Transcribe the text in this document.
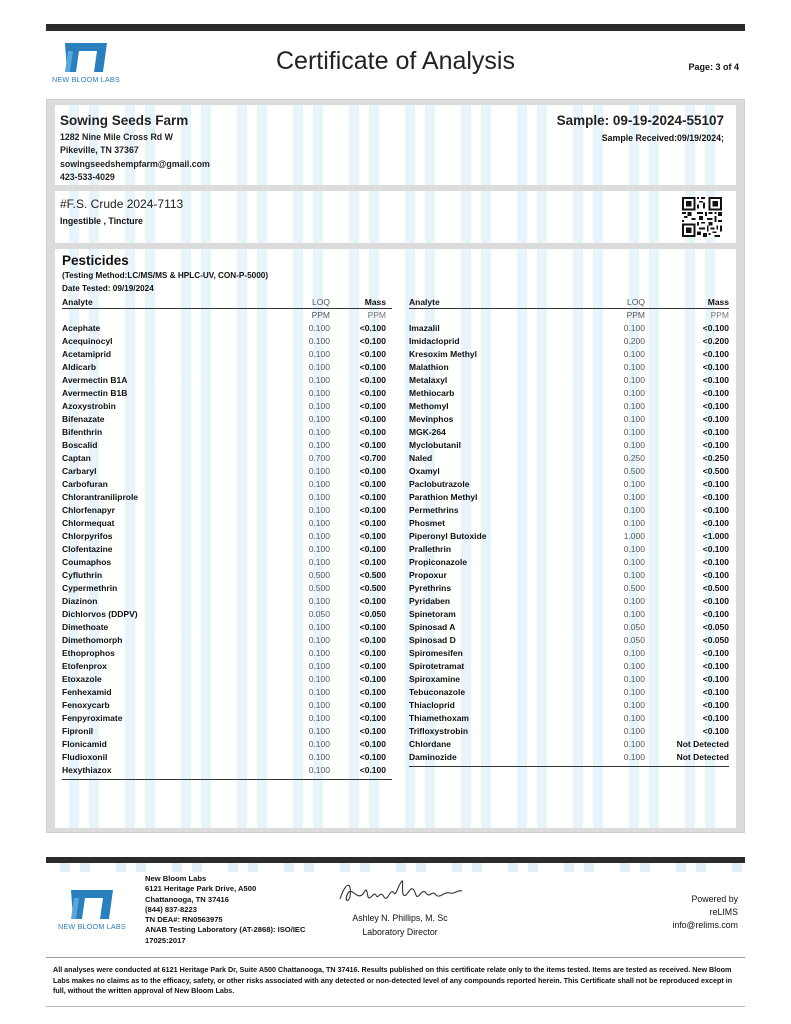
NEW BLOOM LABS
Certificate of Analysis	Page: 3 of 4
Sowing Seeds Farm
1282 Nine Mile Cross Rd W
Pikeville, TN 37367
sowingseedshempfarm@gmail.com
423-533-4029
Sample: 09-19-2024-55107
Sample Received:09/19/2024;
#F.S. Crude 2024-7113
Ingestible , Tincture
Pesticides
(Testing Method:LC/MS/MS & HPLC-UV, CON-P-5000)
Date Tested: 09/19/2024
Analyte	LOQ	Mass
PPM	PPM
Acephate	0.100	<0.100
Acequinocyl	0.100	<0.100
Acetamiprid	0.100	<0.100
Aldicarb	0.100	<0.100
Avermectin B1A	0.100	<0.100
Avermectin B1B	0.100	<0.100
Azoxystrobin	0.100	<0.100
Bifenazate	0.100	<0.100
Bifenthrin	0.100	<0.100
Boscalid	0.100	<0.100
Captan	0.700	<0.700
Carbaryl	0.100	<0.100
Carbofuran	0.100	<0.100
Chlorantraniliprole	0.100	<0.100
Chlorfenapyr	0.100	<0.100
Chlormequat	0.100	<0.100
Chlorpyrifos	0.100	<0.100
Clofentazine	0.100	<0.100
Coumaphos	0.100	<0.100
Cyfluthrin	0.500	<0.500
Cypermethrin	0.500	<0.500
Diazinon	0.100	<0.100
Dichlorvos (DDPV)	0.050	<0.050
Dimethoate	0.100	<0.100
Dimethomorph	0.100	<0.100
Ethoprophos	0.100	<0.100
Etofenprox	0.100	<0.100
Etoxazole	0.100	<0.100
Fenhexamid	0.100	<0.100
Fenoxycarb	0.100	<0.100
Fenpyroximate	0.100	<0.100
Fipronil	0.100	<0.100
Flonicamid	0.100	<0.100
Fludioxonil	0.100	<0.100
Hexythiazox	0.100	<0.100
Analyte	LOQ	Mass
PPM	PPM
Imazalil	0.100	<0.100
Imidacloprid	0.200	<0.200
Kresoxim Methyl	0.100	<0.100
Malathion	0.100	<0.100
Metalaxyl	0.100	<0.100
Methiocarb	0.100	<0.100
Methomyl	0.100	<0.100
Mevinphos	0.100	<0.100
MGK-264	0.100	<0.100
Myclobutanil	0.100	<0.100
Naled	0.250	<0.250
Oxamyl	0.500	<0.500
Paclobutrazole	0.100	<0.100
Parathion Methyl	0.100	<0.100
Permethrins	0.100	<0.100
Phosmet	0.100	<0.100
Piperonyl Butoxide	1.000	<1.000
Prallethrin	0.100	<0.100
Propiconazole	0.100	<0.100
Propoxur	0.100	<0.100
Pyrethrins	0.500	<0.500
Pyridaben	0.100	<0.100
Spinetoram	0.100	<0.100
Spinosad A	0.050	<0.050
Spinosad D	0.050	<0.050
Spiromesifen	0.100	<0.100
Spirotetramat	0.100	<0.100
Spiroxamine	0.100	<0.100
Tebuconazole	0.100	<0.100
Thiacloprid	0.100	<0.100
Thiamethoxam	0.100	<0.100
Trifloxystrobin	0.100	<0.100
Chlordane	0.100	Not Detected
Daminozide	0.100	Not Detected
NEW BLOOM LABS
New Bloom Labs
6121 Heritage Park Drive, A500
Chattanooga, TN 37416
(844) 837-8223
TN DEA#: RN0563975
ANAB Testing Laboratory (AT-2868): ISO/IEC
17025:2017
Ashley N. Phillips, M. Sc
Laboratory Director
Powered by
reLIMS
info@relims.com
All analyses were conducted at 6121 Heritage Park Dr, Suite A500 Chattanooga, TN 37416. Results published on this certificate relate only to the items tested. Items are tested as received. New Bloom Labs makes no claims as to the efficacy, safety, or other risks associated with any detected or non-detected level of any compounds reported herein. This Certificate shall not be reproduced except in full, without the written approval of New Bloom Labs.
